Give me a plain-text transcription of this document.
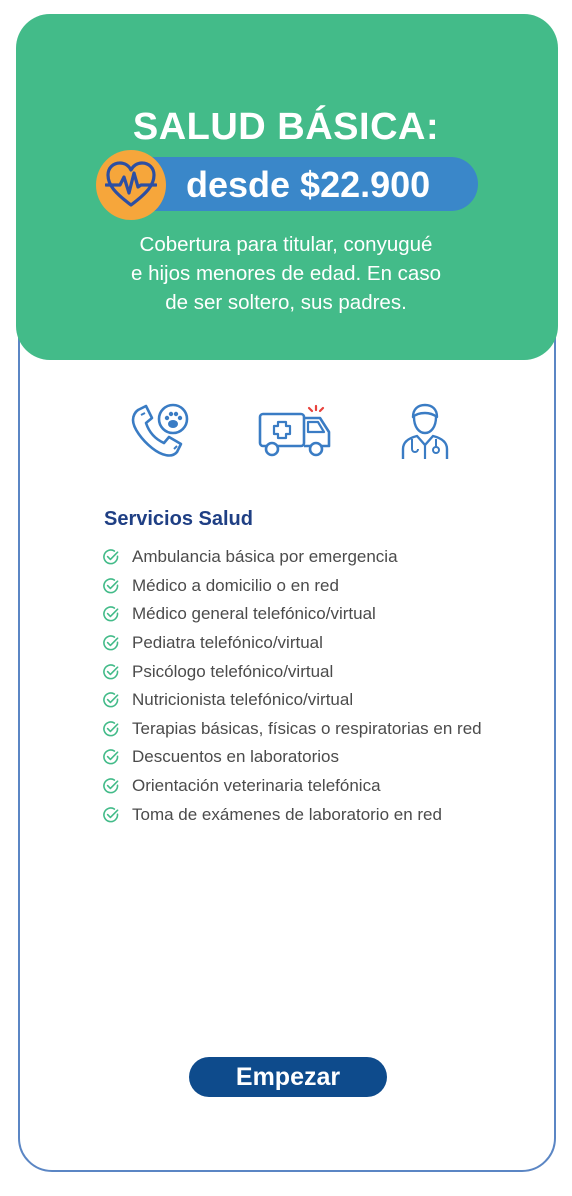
SALUD BÁSICA:
desde $22.900
Cobertura para titular, conyugué
e hijos menores de edad. En caso
de ser soltero, sus padres.
Servicios Salud
Ambulancia básica por emergencia
Médico a domicilio o en red
Médico general telefónico/virtual
Pediatra telefónico/virtual
Psicólogo telefónico/virtual
Nutricionista telefónico/virtual
Terapias básicas, físicas o respiratorias en red
Descuentos en laboratorios
Orientación veterinaria telefónica
Toma de exámenes de laboratorio en red
Empezar
